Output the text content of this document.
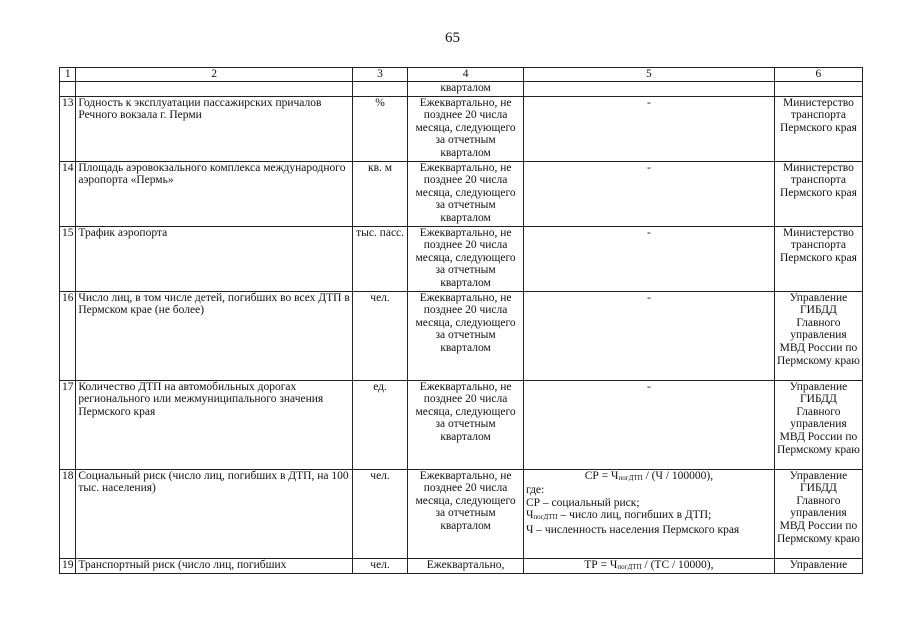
65
1	2	3	4	5	6
			кварталом		
13	Годность к эксплуатации пассажирских причалов Речного вокзала г. Перми	%	Ежеквартально, не позднее 20 числа месяца, следующего за отчетным кварталом	-	Министерство транспорта Пермского края
14	Площадь аэровокзального комплекса международного аэропорта «Пермь»	кв. м	Ежеквартально, не позднее 20 числа месяца, следующего за отчетным кварталом	-	Министерство транспорта Пермского края
15	Трафик аэропорта	тыс. пасс.	Ежеквартально, не позднее 20 числа месяца, следующего за отчетным кварталом	-	Министерство транспорта Пермского края
16	Число лиц, в том числе детей, погибших во всех ДТП в Пермском крае (не более)	чел.	Ежеквартально, не позднее 20 числа месяца, следующего за отчетным кварталом	-	Управление ГИБДД Главного управления МВД России по Пермскому краю
17	Количество ДТП на автомобильных дорогах регионального или межмуниципального значения Пермского края	ед.	Ежеквартально, не позднее 20 числа месяца, следующего за отчетным кварталом	-	Управление ГИБДД Главного управления МВД России по Пермскому краю
18	Социальный риск (число лиц, погибших в ДТП, на 100 тыс. населения)	чел.	Ежеквартально, не позднее 20 числа месяца, следующего за отчетным кварталом	СР = ЧпогДТП / (Ч / 100000),
где:
СР – социальный риск;
ЧпогДТП – число лиц, погибших в ДТП;
Ч – численность населения Пермского края	Управление ГИБДД Главного управления МВД России по Пермскому краю
19	Транспортный риск (число лиц, погибших	чел.	Ежеквартально,	ТР = ЧпогДТП / (ТС / 10000),	Управление
